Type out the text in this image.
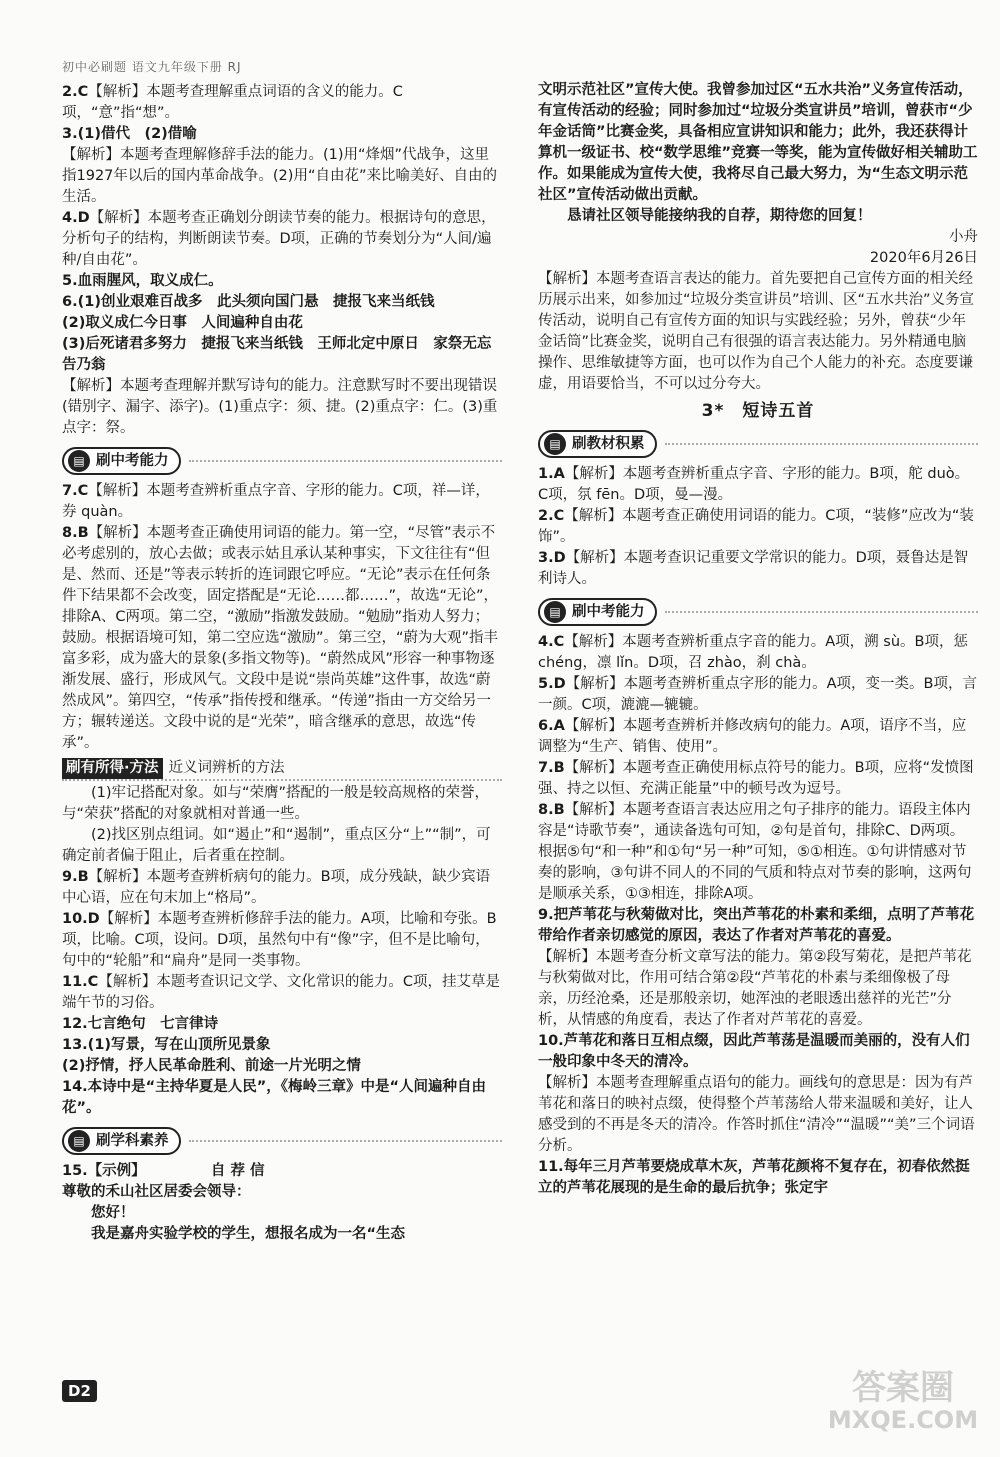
初中必刷题 语文九年级下册 RJ
2.C【解析】本题考查理解重点词语的含义的能力。C项，“意”指“想”。
3.(1)借代　(2)借喻
【解析】本题考查理解修辞手法的能力。(1)用“烽烟”代战争，这里指1927年以后的国内革命战争。(2)用“自由花”来比喻美好、自由的生活。
4.D【解析】本题考查正确划分朗读节奏的能力。根据诗句的意思，分析句子的结构，判断朗读节奏。D项，正确的节奏划分为“人间/遍种/自由花”。
5.血雨腥风，取义成仁。
6.(1)创业艰难百战多　此头须向国门悬　捷报飞来当纸钱
(2)取义成仁今日事　人间遍种自由花
(3)后死诸君多努力　捷报飞来当纸钱　王师北定中原日　家祭无忘告乃翁
【解析】本题考查理解并默写诗句的能力。注意默写时不要出现错误(错别字、漏字、添字)。(1)重点字：须、捷。(2)重点字：仁。(3)重点字：祭。
▤ 刷中考能力
7.C【解析】本题考查辨析重点字音、字形的能力。C项，祥—详，券 quàn。
8.B【解析】本题考查正确使用词语的能力。第一空，“尽管”表示不必考虑别的，放心去做；或表示姑且承认某种事实，下文往往有“但是、然而、还是”等表示转折的连词跟它呼应。“无论”表示在任何条件下结果都不会改变，固定搭配是“无论……都……”，故选“无论”，排除A、C两项。第二空，“激励”指激发鼓励。“勉励”指劝人努力；鼓励。根据语境可知，第二空应选“激励”。第三空，“蔚为大观”指丰富多彩，成为盛大的景象(多指文物等)。“蔚然成风”形容一种事物逐渐发展、盛行，形成风气。文段中是说“崇尚英雄”这件事，故选“蔚然成风”。第四空，“传承”指传授和继承。“传递”指由一方交给另一方；辗转递送。文段中说的是“光荣”，暗含继承的意思，故选“传承”。
刷有所得·方法 近义词辨析的方法
(1)牢记搭配对象。如与“荣膺”搭配的一般是较高规格的荣誉，与“荣获”搭配的对象就相对普通一些。
(2)找区别点组词。如“遏止”和“遏制”，重点区分“上”“制”，可确定前者偏于阻止，后者重在控制。
9.B【解析】本题考查辨析病句的能力。B项，成分残缺，缺少宾语中心语，应在句末加上“格局”。
10.D【解析】本题考查辨析修辞手法的能力。A项，比喻和夸张。B项，比喻。C项，设问。D项，虽然句中有“像”字，但不是比喻句，句中的“轮船”和“扁舟”是同一类事物。
11.C【解析】本题考查识记文学、文化常识的能力。C项，挂艾草是端午节的习俗。
12.七言绝句　七言律诗
13.(1)写景，写在山顶所见景象
(2)抒情，抒人民革命胜利、前途一片光明之情
14.本诗中是“主持华夏是人民”，《梅岭三章》中是“人间遍种自由花”。
▤ 刷学科素养
15.【示例】　　　　　自 荐 信
尊敬的禾山社区居委会领导：
　　您好！
　　我是嘉舟实验学校的学生，想报名成为一名“生态
文明示范社区”宣传大使。我曾参加过区“五水共治”义务宣传活动，有宣传活动的经验；同时参加过“垃圾分类宣讲员”培训，曾获市“少年金话筒”比赛金奖，具备相应宣讲知识和能力；此外，我还获得计算机一级证书、校“数学思维”竞赛一等奖，能为宣传做好相关辅助工作。如果能成为宣传大使，我将尽自己最大努力，为“生态文明示范社区”宣传活动做出贡献。
　　恳请社区领导能接纳我的自荐，期待您的回复！
小舟
2020年6月26日
【解析】本题考查语言表达的能力。首先要把自己宣传方面的相关经历展示出来，如参加过“垃圾分类宣讲员”培训、区“五水共治”义务宣传活动，说明自己有宣传方面的知识与实践经验；另外，曾获“少年金话筒”比赛金奖，说明自己有很强的语言表达能力。另外精通电脑操作、思维敏捷等方面，也可以作为自己个人能力的补充。态度要谦虚，用语要恰当，不可以过分夸大。
3*　短诗五首
▤ 刷教材积累
1.A【解析】本题考查辨析重点字音、字形的能力。B项，舵 duò。C项，氛 fēn。D项，曼—漫。
2.C【解析】本题考查正确使用词语的能力。C项，“装修”应改为“装饰”。
3.D【解析】本题考查识记重要文学常识的能力。D项，聂鲁达是智利诗人。
▤ 刷中考能力
4.C【解析】本题考查辨析重点字音的能力。A项，溯 sù。B项，惩 chéng，凛 lǐn。D项，召 zhào，刹 chà。
5.D【解析】本题考查辨析重点字形的能力。A项，变一类。B项，言一颜。C项，漉漉—辘辘。
6.A【解析】本题考查辨析并修改病句的能力。A项，语序不当，应调整为“生产、销售、使用”。
7.B【解析】本题考查正确使用标点符号的能力。B项，应将“发愤图强、持之以恒、充满正能量”中的顿号改为逗号。
8.B【解析】本题考查语言表达应用之句子排序的能力。语段主体内容是“诗歌节奏”，通读备选句可知，②句是首句，排除C、D两项。根据⑤句“和一种”和①句“另一种”可知，⑤①相连。①句讲情感对节奏的影响，③句讲不同人的不同的气质和特点对节奏的影响，这两句是顺承关系，①③相连，排除A项。
9.把芦苇花与秋菊做对比，突出芦苇花的朴素和柔细，点明了芦苇花带给作者亲切感觉的原因，表达了作者对芦苇花的喜爱。
【解析】本题考查分析文章写法的能力。第②段写菊花，是把芦苇花与秋菊做对比，作用可结合第②段“芦苇花的朴素与柔细像极了母亲，历经沧桑，还是那般亲切，她浑浊的老眼透出慈祥的光芒”分析，从情感的角度看，表达了作者对芦苇花的喜爱。
10.芦苇花和落日互相点缀，因此芦苇荡是温暖而美丽的，没有人们一般印象中冬天的清冷。
【解析】本题考查理解重点语句的能力。画线句的意思是：因为有芦苇花和落日的映衬点缀，使得整个芦苇荡给人带来温暖和美好，让人感受到的不再是冬天的清冷。作答时抓住“清冷”“温暖”“美”三个词语分析。
11.每年三月芦苇要烧成草木灰，芦苇花颜将不复存在，初春依然挺立的芦苇花展现的是生命的最后抗争；张定宇
D2	答案圈
MXQE.COM
